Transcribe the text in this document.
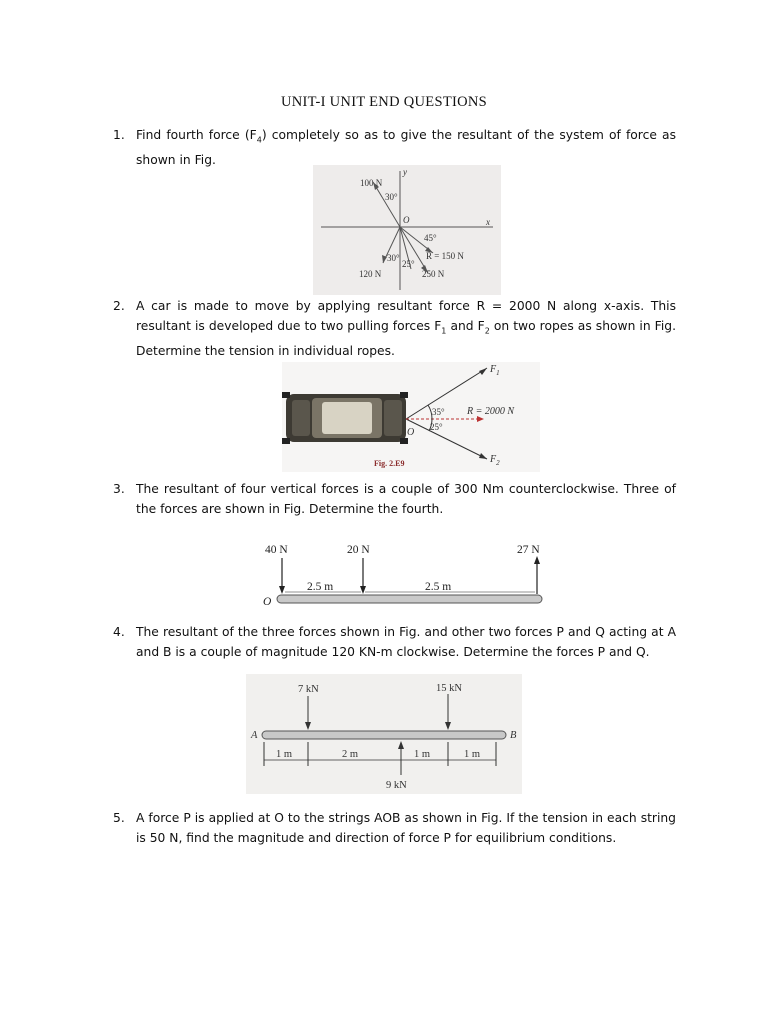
UNIT-I UNIT END QUESTIONS
1. Find fourth force $(F_4)$ completely so as to give the resultant of the system of force as shown in Fig.
100 N
30°
y
x
O
45°
30°
25°
R = 150 N
120 N	250 N
2. A car is made to move by applying resultant force R = 2000 N along x-axis. This resultant is developed due to two pulling forces $F_1$ and $F_2$ on two ropes as shown in Fig. Determine the tension in individual ropes.
$F_1$
$F_2$
35°
25°
R = 2000 N
O
Fig. 2.E9
3. The resultant of four vertical forces is a couple of 300 Nm counterclockwise. Three of the forces are shown in Fig. Determine the fourth.
40 N	20 N	27 N
2.5 m	2.5 m
O
4. The resultant of the three forces shown in Fig. and other two forces P and Q acting at A and B is a couple of magnitude 120 KN-m clockwise. Determine the forces P and Q.
7 kN	15 kN
A	B
1 m	2 m	1 m	1 m
9 kN
5. A force P is applied at O to the strings AOB as shown in Fig. If the tension in each string is 50 N, find the magnitude and direction of force P for equilibrium conditions.
